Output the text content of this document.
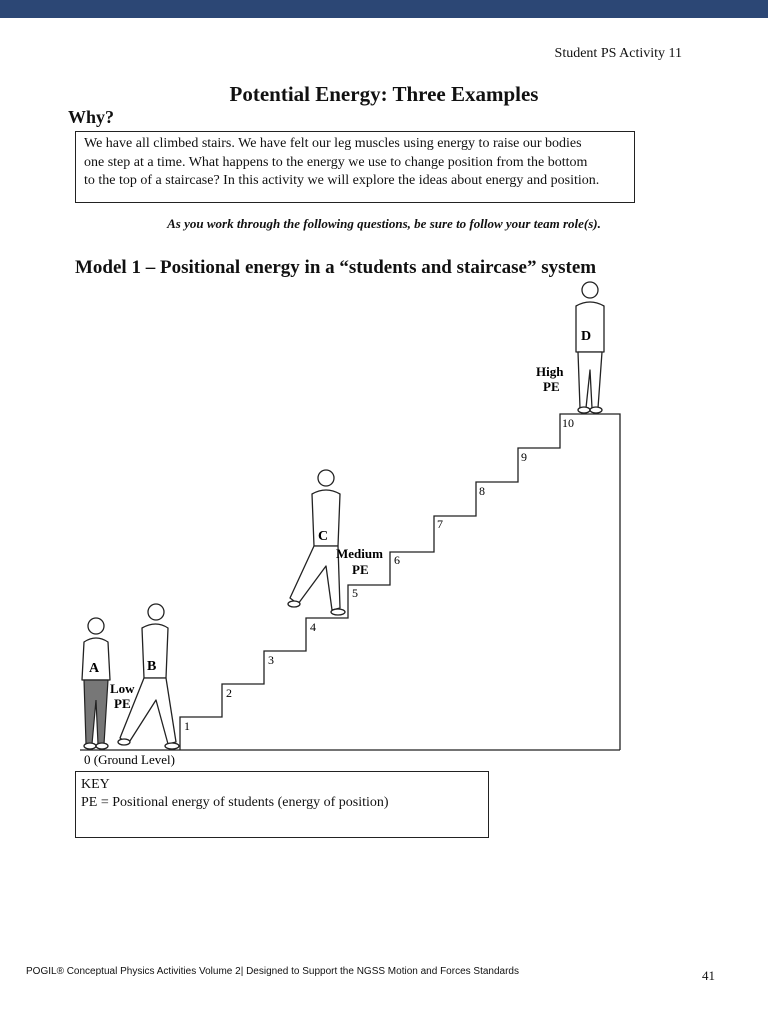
Student PS Activity 11
Potential Energy: Three Examples
Why?
We have all climbed stairs. We have felt our leg muscles using energy to raise our bodies
one step at a time. What happens to the energy we use to change position from the bottom
to the top of a staircase? In this activity we will explore the ideas about energy and position.
As you work through the following questions, be sure to follow your team role(s).
Model 1 – Positional energy in a “students and staircase” system
1
2
3
4
5
6
7
8
9
10
0 (Ground Level)
A	B
Low
PE
C
Medium
PE
D
High
PE
KEY
PE = Positional energy of students (energy of position)
POGIL® Conceptual Physics Activities Volume 2| Designed to Support the NGSS Motion and Forces Standards	41
